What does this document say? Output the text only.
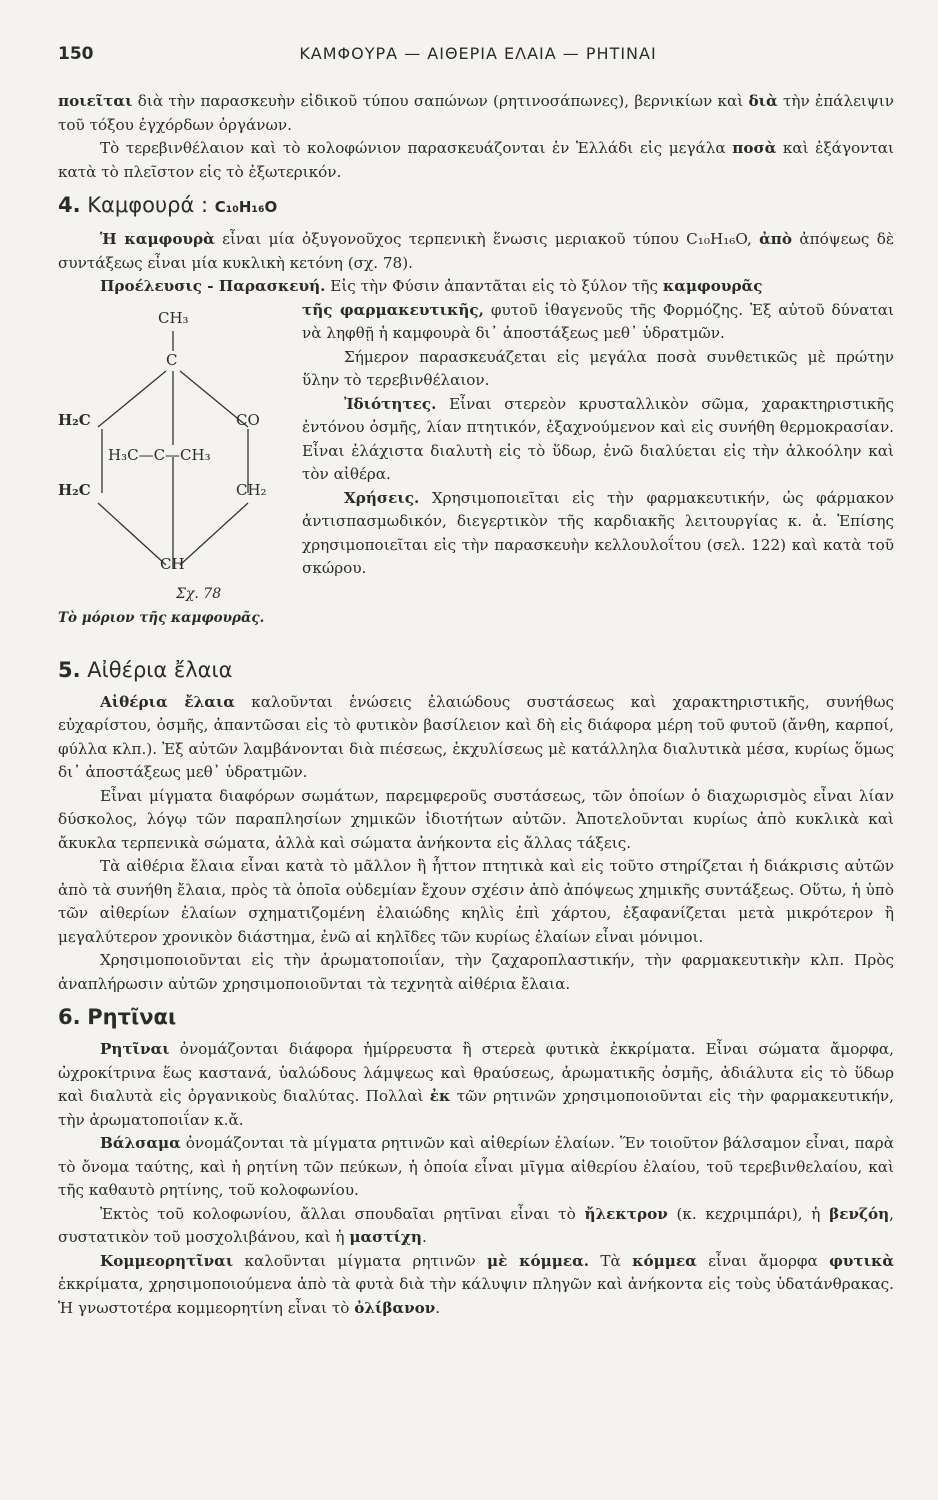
150	ΚΑΜΦΟΥΡΑ — ΑΙΘΕΡΙΑ ΕΛΑΙΑ — ΡΗΤΙΝΑΙ

ποιεῖται διὰ τὴν παρασκευὴν εἰδικοῦ τύπου σαπώνων (ρητινοσάπωνες), βερνικίων καὶ διὰ τὴν ἐπάλειψιν τοῦ τόξου ἐγχόρδων ὀργάνων.

Τὸ τερεβινθέλαιον καὶ τὸ κολοφώνιον παρασκευάζονται ἐν Ἑλλάδι εἰς μεγάλα ποσὰ καὶ ἐξάγονται κατὰ τὸ πλεῖστον εἰς τὸ ἐξωτερικόν.

4. Καμφουρά : C₁₀H₁₆O

Ἡ καμφουρὰ εἶναι μία ὀξυγονοῦχος τερπενικὴ ἕνωσις μεριακοῦ τύπου C₁₀H₁₆O, ἀπὸ ἀπόψεως δὲ συντάξεως εἶναι μία κυκλικὴ κετόνη (σχ. 78).

Προέλευσις - Παρασκευή. Εἰς τὴν Φύσιν ἀπαντᾶται εἰς τὸ ξύλον τῆς καμφουρᾶς

CH₃
C
H₂C	CO
H₃C—C—CH₃
H₂C	CH₂
CH
Σχ. 78
Τὸ μόριον τῆς καμφουρᾶς.

τῆς φαρμακευτικῆς, φυτοῦ ἰθαγενοῦς τῆς Φορμόζης. Ἐξ αὐτοῦ δύναται νὰ ληφθῇ ἡ καμφουρὰ δι᾽ ἀποστάξεως μεθ᾽ ὑδρατμῶν.

Σήμερον παρασκευάζεται εἰς μεγάλα ποσὰ συνθετικῶς μὲ πρώτην ὕλην τὸ τερεβινθέλαιον.

Ἰδιότητες. Εἶναι στερεὸν κρυσταλλικὸν σῶμα, χαρακτηριστικῆς ἐντόνου ὀσμῆς, λίαν πτητικόν, ἐξαχνούμενον καὶ εἰς συνήθη θερμοκρασίαν. Εἶναι ἐλάχιστα διαλυτὴ εἰς τὸ ὕδωρ, ἐνῶ διαλύεται εἰς τὴν ἀλκοόλην καὶ τὸν αἰθέρα.

Χρήσεις. Χρησιμοποιεῖται εἰς τὴν φαρμακευτικήν, ὡς φάρμακον ἀντισπασμωδικόν, διεγερτικὸν τῆς καρδιακῆς λειτουργίας κ. ἀ. Ἐπίσης χρησιμοποιεῖται εἰς τὴν παρασκευὴν κελλουλοΐτου (σελ. 122) καὶ κατὰ τοῦ σκώρου.

5. Αἰθέρια ἔλαια

Αἰθέρια ἔλαια καλοῦνται ἑνώσεις ἐλαιώδους συστάσεως καὶ χαρακτηριστικῆς, συνήθως εὐχαρίστου, ὀσμῆς, ἀπαντῶσαι εἰς τὸ φυτικὸν βασίλειον καὶ δὴ εἰς διάφορα μέρη τοῦ φυτοῦ (ἄνθη, καρποί, φύλλα κλπ.). Ἐξ αὐτῶν λαμβάνονται διὰ πιέσεως, ἐκχυλίσεως μὲ κατάλληλα διαλυτικὰ μέσα, κυρίως ὅμως δι᾽ ἀποστάξεως μεθ᾽ ὑδρατμῶν.

Εἶναι μίγματα διαφόρων σωμάτων, παρεμφεροῦς συστάσεως, τῶν ὁποίων ὁ διαχωρισμὸς εἶναι λίαν δύσκολος, λόγῳ τῶν παραπλησίων χημικῶν ἰδιοτήτων αὐτῶν. Ἀποτελοῦνται κυρίως ἀπὸ κυκλικὰ καὶ ἄκυκλα τερπενικὰ σώματα, ἀλλὰ καὶ σώματα ἀνήκοντα εἰς ἄλλας τάξεις.

Τὰ αἰθέρια ἔλαια εἶναι κατὰ τὸ μᾶλλον ἢ ἧττον πτητικὰ καὶ εἰς τοῦτο στηρίζεται ἡ διάκρισις αὐτῶν ἀπὸ τὰ συνήθη ἔλαια, πρὸς τὰ ὁποῖα οὐδεμίαν ἔχουν σχέσιν ἀπὸ ἀπόψεως χημικῆς συντάξεως. Οὕτω, ἡ ὑπὸ τῶν αἰθερίων ἐλαίων σχηματιζομένη ἐλαιώδης κηλὶς ἐπὶ χάρτου, ἐξαφανίζεται μετὰ μικρότερον ἢ μεγαλύτερον χρονικὸν διάστημα, ἐνῶ αἱ κηλῖδες τῶν κυρίως ἐλαίων εἶναι μόνιμοι.

Χρησιμοποιοῦνται εἰς τὴν ἀρωματοποιΐαν, τὴν ζαχαροπλαστικήν, τὴν φαρμακευτικὴν κλπ. Πρὸς ἀναπλήρωσιν αὐτῶν χρησιμοποιοῦνται τὰ τεχνητὰ αἰθέρια ἔλαια.

6. Ρητῖναι

Ρητῖναι ὀνομάζονται διάφορα ἡμίρρευστα ἢ στερεὰ φυτικὰ ἐκκρίματα. Εἶναι σώματα ἄμορφα, ὠχροκίτρινα ἕως καστανά, ὑαλώδους λάμψεως καὶ θραύσεως, ἀρωματικῆς ὀσμῆς, ἀδιάλυτα εἰς τὸ ὕδωρ καὶ διαλυτὰ εἰς ὀργανικοὺς διαλύτας. Πολλαὶ ἐκ τῶν ρητινῶν χρησιμοποιοῦνται εἰς τὴν φαρμακευτικήν, τὴν ἀρωματοποιΐαν κ.ἄ.

Βάλσαμα ὀνομάζονται τὰ μίγματα ρητινῶν καὶ αἰθερίων ἐλαίων. Ἕν τοιοῦτον βάλσαμον εἶναι, παρὰ τὸ ὄνομα ταύτης, καὶ ἡ ρητίνη τῶν πεύκων, ἡ ὁποία εἶναι μῖγμα αἰθερίου ἐλαίου, τοῦ τερεβινθελαίου, καὶ τῆς καθαυτὸ ρητίνης, τοῦ κολοφωνίου.

Ἐκτὸς τοῦ κολοφωνίου, ἄλλαι σπουδαῖαι ρητῖναι εἶναι τὸ ἤλεκτρον (κ. κεχριμπάρι), ἡ βενζόη, συστατικὸν τοῦ μοσχολιβάνου, καὶ ἡ μαστίχη.

Κομμεορητῖναι καλοῦνται μίγματα ρητινῶν μὲ κόμμεα. Τὰ κόμμεα εἶναι ἄμορφα φυτικὰ ἐκκρίματα, χρησιμοποιούμενα ἀπὸ τὰ φυτὰ διὰ τὴν κάλυψιν πληγῶν καὶ ἀνήκοντα εἰς τοὺς ὑδατάνθρακας. Ἡ γνωστοτέρα κομμεορητίνη εἶναι τὸ ὀλίβανον.
